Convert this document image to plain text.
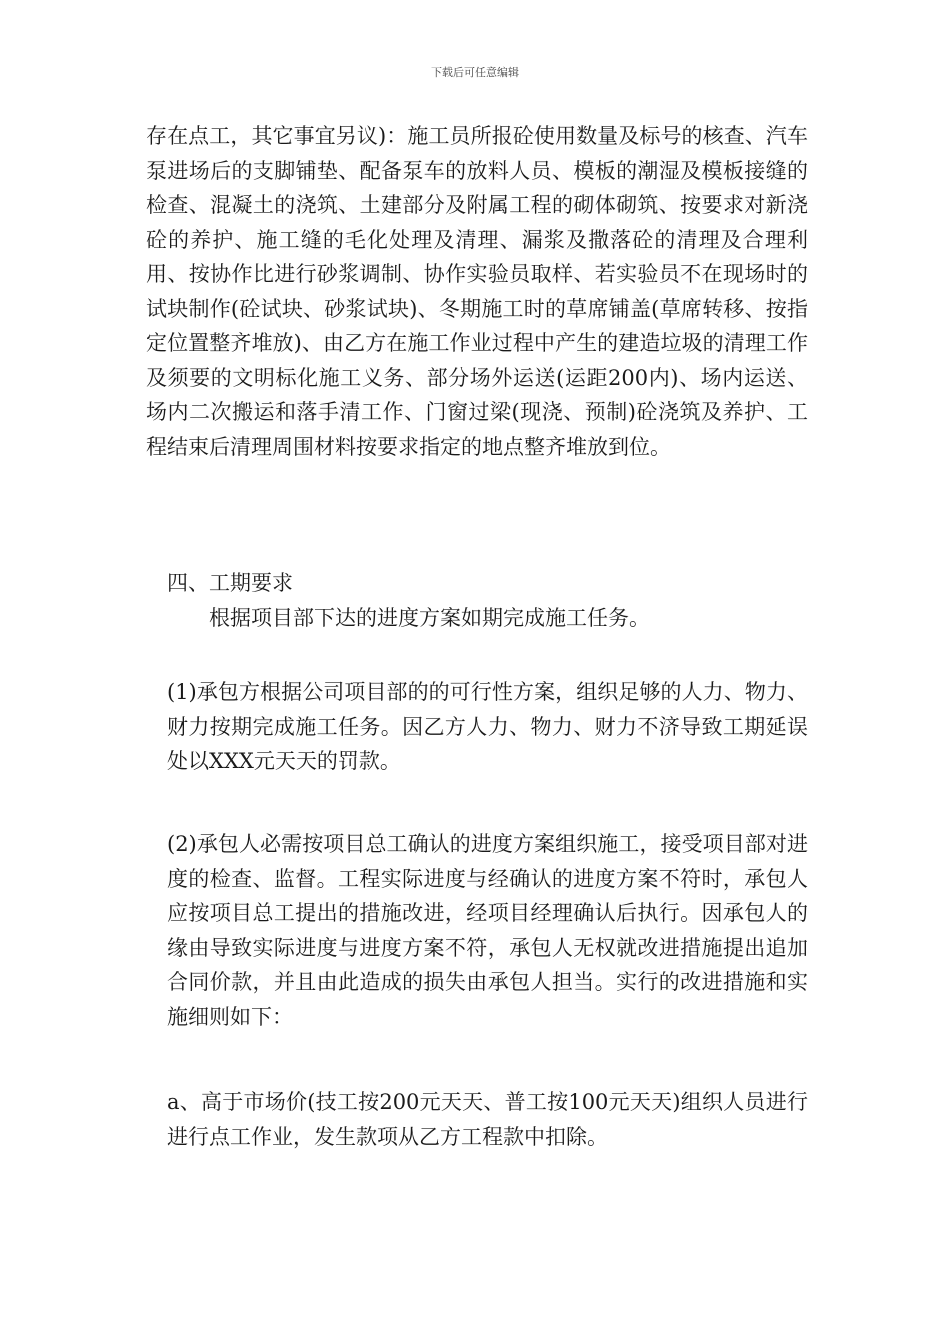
下载后可任意编辑

存在点工，其它事宜另议)：施工员所报砼使用数量及标号的核查、汽车泵进场后的支脚铺垫、配备泵车的放料人员、模板的潮湿及模板接缝的检查、混凝土的浇筑、土建部分及附属工程的砌体砌筑、按要求对新浇砼的养护、施工缝的毛化处理及清理、漏浆及撒落砼的清理及合理利用、按协作比进行砂浆调制、协作实验员取样、若实验员不在现场时的试块制作(砼试块、砂浆试块)、冬期施工时的草席铺盖(草席转移、按指定位置整齐堆放)、由乙方在施工作业过程中产生的建造垃圾的清理工作及须要的文明标化施工义务、部分场外运送(运距200内)、场内运送、场内二次搬运和落手清工作、门窗过梁(现浇、预制)砼浇筑及养护、工程结束后清理周围材料按要求指定的地点整齐堆放到位。

四、工期要求

根据项目部下达的进度方案如期完成施工任务。

(1)承包方根据公司项目部的的可行性方案，组织足够的人力、物力、财力按期完成施工任务。因乙方人力、物力、财力不济导致工期延误处以XXX元天天的罚款。

(2)承包人必需按项目总工确认的进度方案组织施工，接受项目部对进度的检查、监督。工程实际进度与经确认的进度方案不符时，承包人应按项目总工提出的措施改进，经项目经理确认后执行。因承包人的缘由导致实际进度与进度方案不符，承包人无权就改进措施提出追加合同价款，并且由此造成的损失由承包人担当。实行的改进措施和实施细则如下：

a、高于市场价(技工按200元天天、普工按100元天天)组织人员进行进行点工作业，发生款项从乙方工程款中扣除。
